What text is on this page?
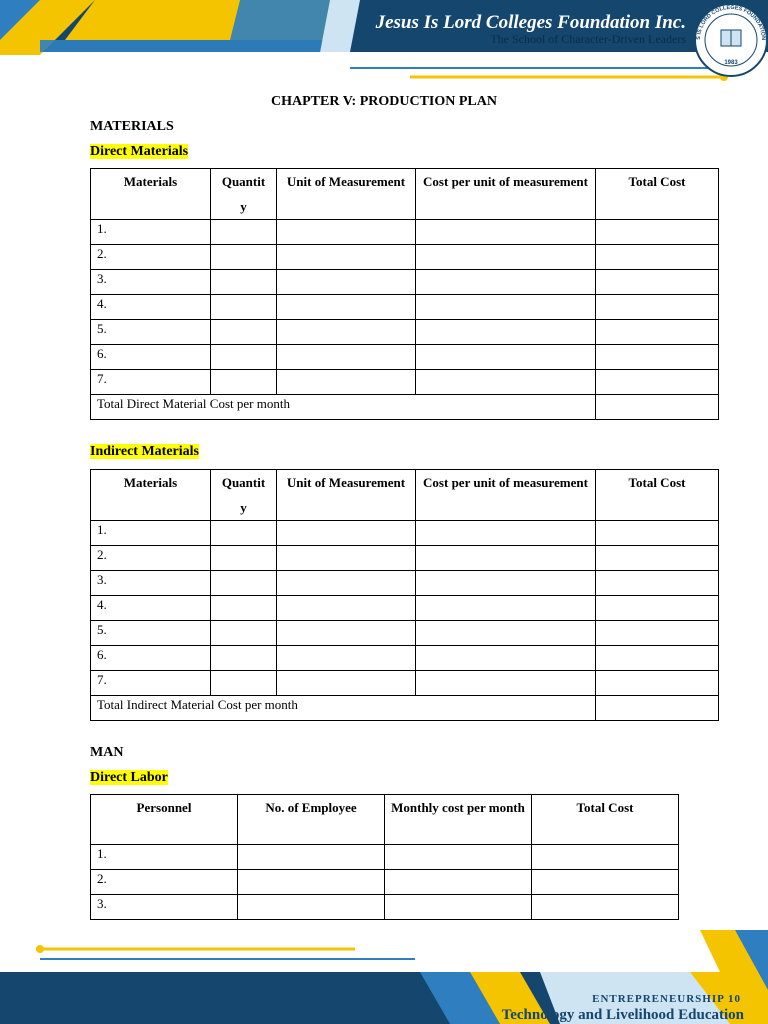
Jesus Is Lord Colleges Foundation Inc.
The School of Character-Driven Leaders	S IS LORD COLLEGES FOUNDATION
1983
CHAPTER V: PRODUCTION PLAN
MATERIALS
Direct Materials
Materials	Quantit y	Unit of Measurement	Cost per unit of measurement	Total Cost
1.				
2.				
3.				
4.				
5.				
6.				
7.				
Total Direct Material Cost per month				
Indirect Materials
Materials	Quantit y	Unit of Measurement	Cost per unit of measurement	Total Cost
1.				
2.				
3.				
4.				
5.				
6.				
7.				
Total Indirect Material Cost per month				
MAN
Direct Labor
Personnel	No. of Employee	Monthly cost per month	Total Cost
1.			
2.			
3.			
ENTREPRENEURSHIP 10
Technology and Livelihood Education
